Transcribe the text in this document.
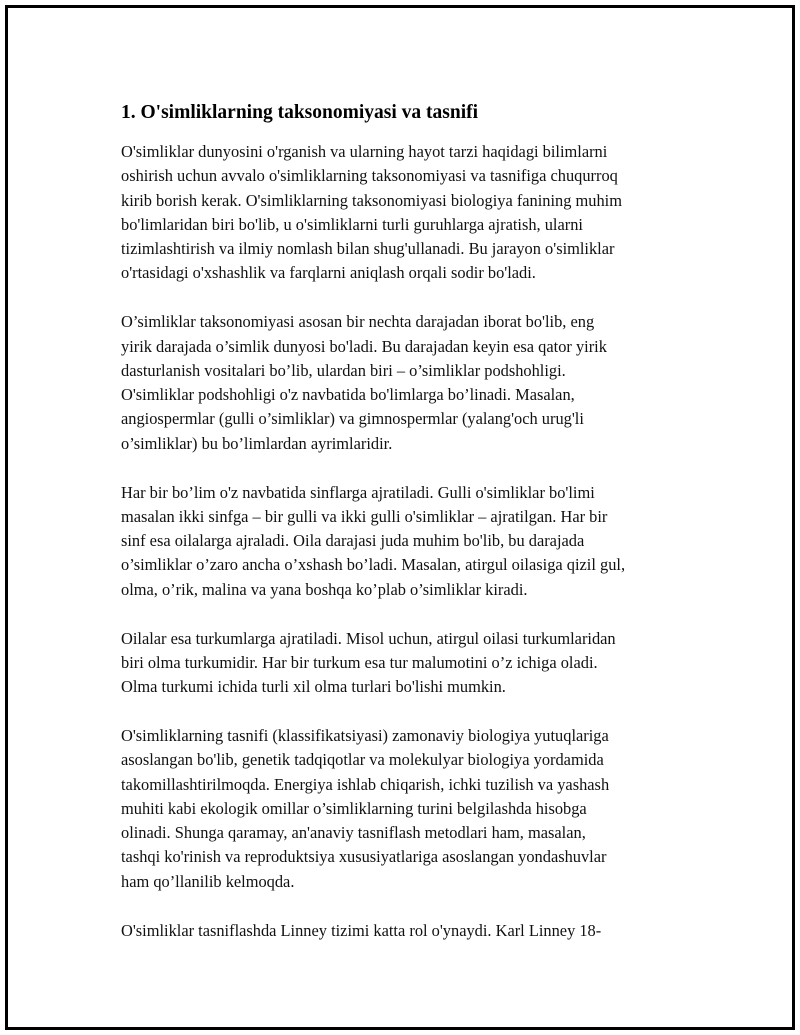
1. O'simliklarning taksonomiyasi va tasnifi

O'simliklar dunyosini o'rganish va ularning hayot tarzi haqidagi bilimlarni
oshirish uchun avvalo o'simliklarning taksonomiyasi va tasnifiga chuqurroq
kirib borish kerak. O'simliklarning taksonomiyasi biologiya fanining muhim
bo'limlaridan biri bo'lib, u o'simliklarni turli guruhlarga ajratish, ularni
tizimlashtirish va ilmiy nomlash bilan shug'ullanadi. Bu jarayon o'simliklar
o'rtasidagi o'xshashlik va farqlarni aniqlash orqali sodir bo'ladi.

O’simliklar taksonomiyasi asosan bir nechta darajadan iborat bo'lib, eng
yirik darajada o’simlik dunyosi bo'ladi. Bu darajadan keyin esa qator yirik
dasturlanish vositalari bo’lib, ulardan biri – o’simliklar podshohligi.
O'simliklar podshohligi o'z navbatida bo'limlarga bo’linadi. Masalan,
angiospermlar (gulli o’simliklar) va gimnospermlar (yalang'och urug'li
o’simliklar) bu bo’limlardan ayrimlaridir.

Har bir bo’lim o'z navbatida sinflarga ajratiladi. Gulli o'simliklar bo'limi
masalan ikki sinfga – bir gulli va ikki gulli o'simliklar – ajratilgan. Har bir
sinf esa oilalarga ajraladi. Oila darajasi juda muhim bo'lib, bu darajada
o’simliklar o’zaro ancha o’xshash bo’ladi. Masalan, atirgul oilasiga qizil gul,
olma, o’rik, malina va yana boshqa ko’plab o’simliklar kiradi.

Oilalar esa turkumlarga ajratiladi. Misol uchun, atirgul oilasi turkumlaridan
biri olma turkumidir. Har bir turkum esa tur malumotini o’z ichiga oladi.
Olma turkumi ichida turli xil olma turlari bo'lishi mumkin.

O'simliklarning tasnifi (klassifikatsiyasi) zamonaviy biologiya yutuqlariga
asoslangan bo'lib, genetik tadqiqotlar va molekulyar biologiya yordamida
takomillashtirilmoqda. Energiya ishlab chiqarish, ichki tuzilish va yashash
muhiti kabi ekologik omillar o’simliklarning turini belgilashda hisobga
olinadi. Shunga qaramay, an'anaviy tasniflash metodlari ham, masalan,
tashqi ko'rinish va reproduktsiya xususiyatlariga asoslangan yondashuvlar
ham qo’llanilib kelmoqda.

O'simliklar tasniflashda Linney tizimi katta rol o'ynaydi. Karl Linney 18-
